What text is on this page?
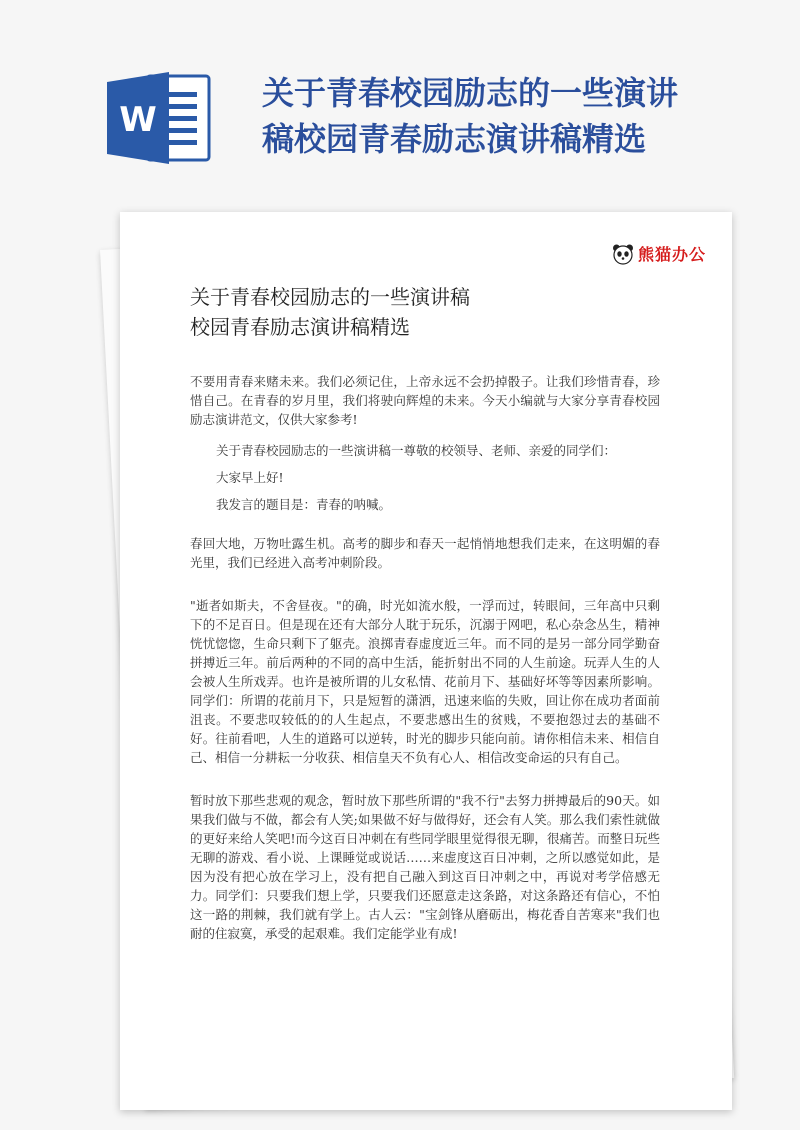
W
关于青春校园励志的一些演讲
稿校园青春励志演讲稿精选
熊猫办公
关于青春校园励志的一些演讲稿
校园青春励志演讲稿精选

不要用青春来赌未来。我们必须记住，上帝永远不会扔掉骰子。让我们珍惜青春，珍惜自己。在青春的岁月里，我们将驶向辉煌的未来。今天小编就与大家分享青春校园励志演讲范文，仅供大家参考!

关于青春校园励志的一些演讲稿一尊敬的校领导、老师、亲爱的同学们：

大家早上好!

我发言的题目是：青春的呐喊。

春回大地，万物吐露生机。高考的脚步和春天一起悄悄地想我们走来，在这明媚的春光里，我们已经进入高考冲刺阶段。

"逝者如斯夫，不舍昼夜。"的确，时光如流水般，一浮而过，转眼间，三年高中只剩下的不足百日。但是现在还有大部分人耽于玩乐，沉溺于网吧，私心杂念丛生，精神恍忧惚惚，生命只剩下了躯壳。浪掷青春虚度近三年。而不同的是另一部分同学勤奋拼搏近三年。前后两种的不同的高中生活，能折射出不同的人生前途。玩弄人生的人会被人生所戏弄。也许是被所谓的儿女私情、花前月下、基础好坏等等因素所影响。同学们：所谓的花前月下，只是短暂的潇洒，迅速来临的失败，回让你在成功者面前沮丧。不要悲叹较低的的人生起点，不要悲感出生的贫贱，不要抱怨过去的基础不好。往前看吧，人生的道路可以逆转，时光的脚步只能向前。请你相信未来、相信自己、相信一分耕耘一分收获、相信皇天不负有心人、相信改变命运的只有自己。

暂时放下那些悲观的观念，暂时放下那些所谓的"我不行"去努力拼搏最后的90天。如果我们做与不做，都会有人笑;如果做不好与做得好，还会有人笑。那么我们索性就做的更好来给人笑吧!而今这百日冲刺在有些同学眼里觉得很无聊，很痛苦。而整日玩些无聊的游戏、看小说、上课睡觉或说话……来虚度这百日冲刺，之所以感觉如此，是因为没有把心放在学习上，没有把自己融入到这百日冲刺之中，再说对考学倍感无力。同学们：只要我们想上学，只要我们还愿意走这条路，对这条路还有信心，不怕这一路的荆棘，我们就有学上。古人云："宝剑锋从磨砺出，梅花香自苦寒来"我们也耐的住寂寞，承受的起艰难。我们定能学业有成!
